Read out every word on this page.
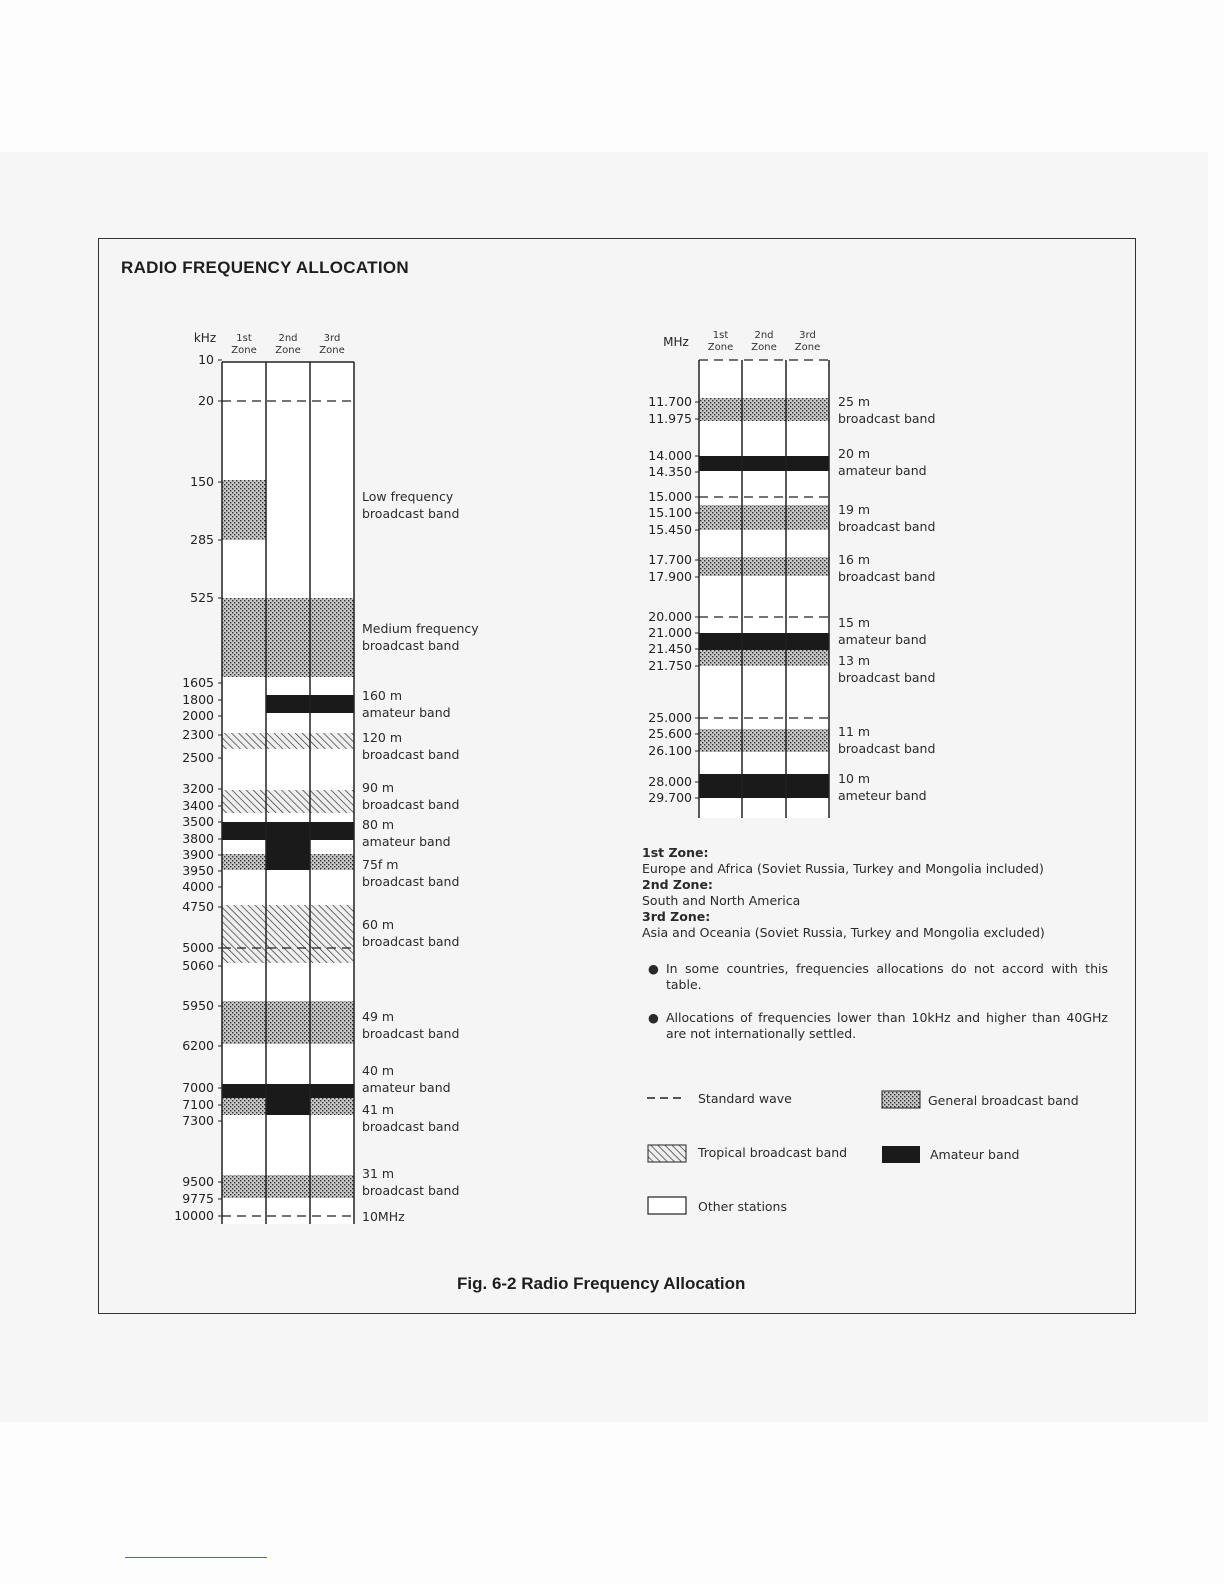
RADIO FREQUENCY ALLOCATION
kHz 1st
Zone
2nd
Zone
3rd
Zone
10
20
150
285
525
1605
1800
2000
2300
2500
3200
3400
3500
3800
3900
3950
4000
4750
5000
5060
5950
6200
7000
7100
7300
9500
9775
10000
Low frequency
broadcast band
Medium frequency
broadcast band
160 m
amateur band
120 m
broadcast band
90 m
broadcast band
80 m
amateur band
75f m
broadcast band
60 m
broadcast band
49 m
broadcast band
40 m
amateur band
41 m
broadcast band
31 m
broadcast band
10MHz
MHz 1st
Zone
2nd
Zone
3rd
Zone
11.700
11.975
14.000
14.350
15.000
15.100
15.450
17.700
17.900
20.000
21.000
21.450
21.750
25.000
25.600
26.100
28.000
29.700
25 m
broadcast band
20 m
amateur band
19 m
broadcast band
16 m
broadcast band
15 m
amateur band
13 m
broadcast band
11 m
broadcast band
10 m
ameteur band
1st Zone:
Europe and Africa (Soviet Russia, Turkey and Mongolia included)
2nd Zone:
South and North America
3rd Zone:
Asia and Oceania (Soviet Russia, Turkey and Mongolia excluded)
● In some countries, frequencies allocations do not accord with this table.
● Allocations of frequencies lower than 10kHz and higher than 40GHz are not internationally settled.
Standard wave	General broadcast band
Tropical broadcast band	Amateur band
Other stations
Fig. 6-2 Radio Frequency Allocation
